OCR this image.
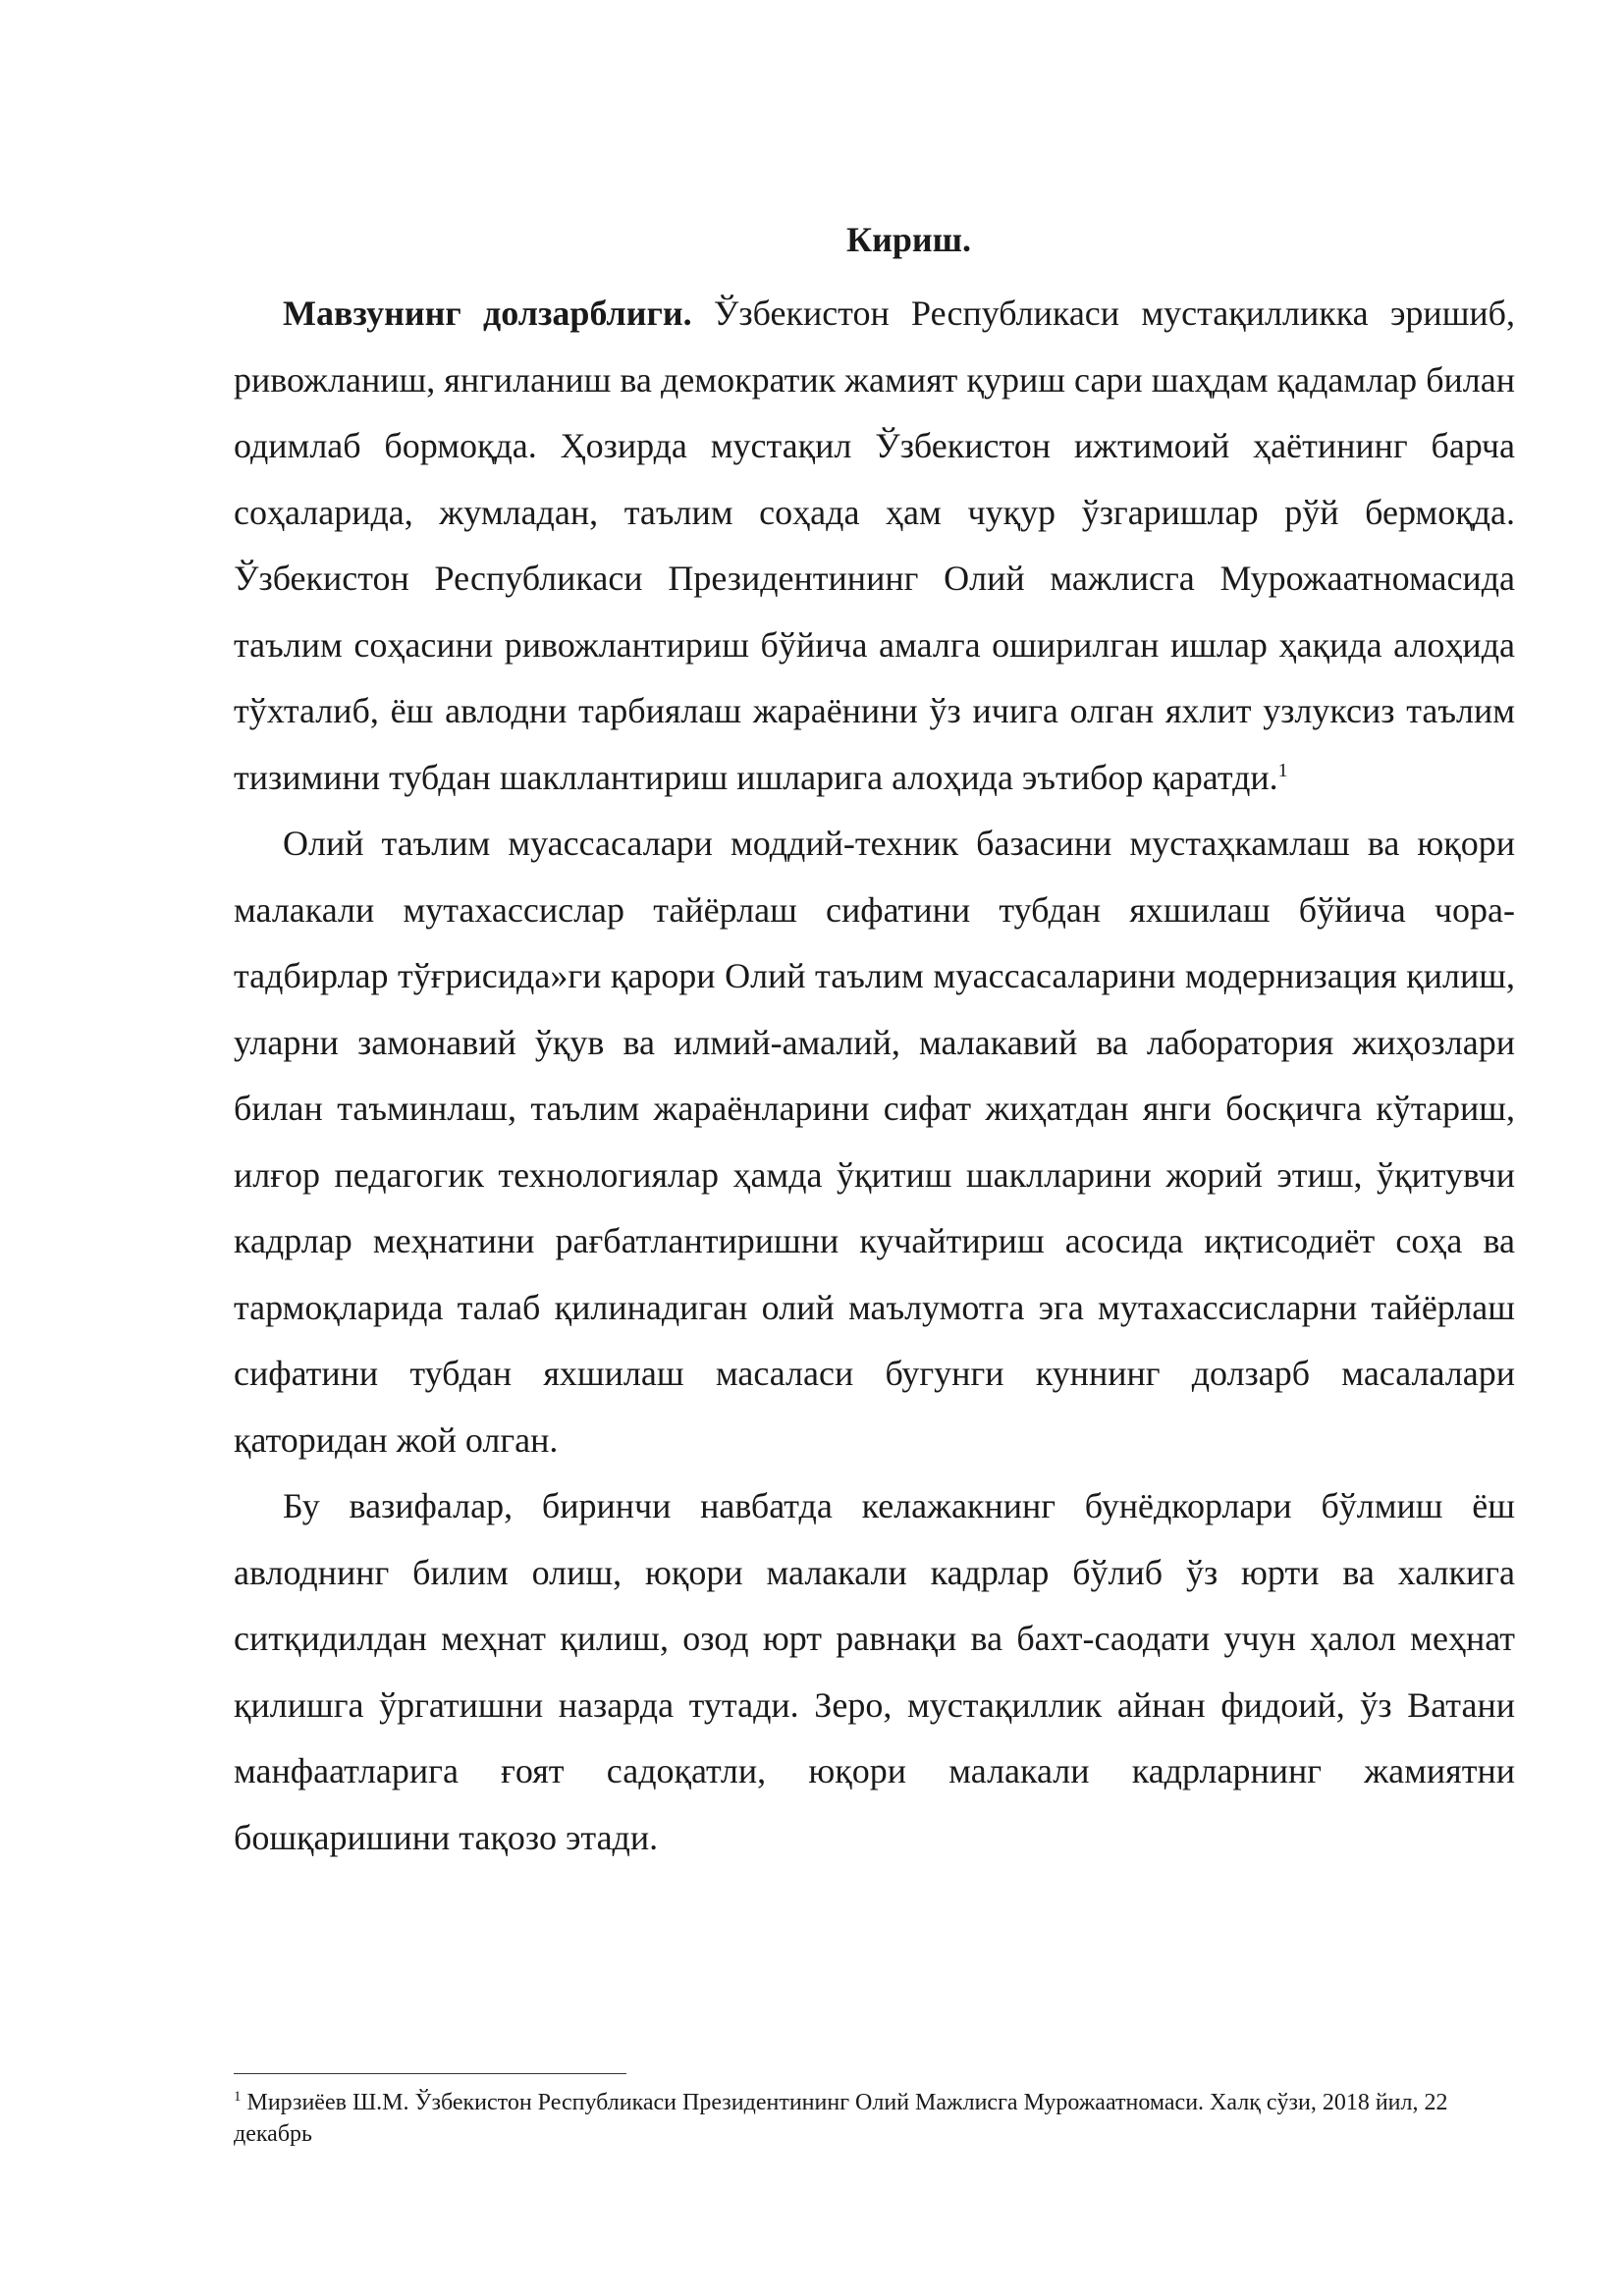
Кириш.

Мавзунинг долзарблиги. Ўзбекистон Республикаси мустақилликка эришиб, ривожланиш, янгиланиш ва демократик жамият қуриш сари шаҳдам қадамлар билан одимлаб бормоқда. Ҳозирда мустақил Ўзбекистон ижтимоий ҳаётининг барча соҳаларида, жумладан, таълим соҳада ҳам чуқур ўзгаришлар рўй бермоқда. Ўзбекистон Республикаси Президентининг Олий мажлисга Мурожаатномасида таълим соҳасини ривожлантириш бўйича амалга оширилган ишлар ҳақида алоҳида тўхталиб, ёш авлодни тарбиялаш жараёнини ўз ичига олган яхлит узлуксиз таълим тизимини тубдан шакллантириш ишларига алоҳида эътибор қаратди.$^1$

Олий таълим муассасалари моддий-техник базасини мустаҳкамлаш ва юқори малакали мутахассислар тайёрлаш сифатини тубдан яхшилаш бўйича чора-тадбирлар тўғрисида»ги қарори Олий таълим муассасаларини модернизация қилиш, уларни замонавий ўқув ва илмий-амалий, малакавий ва лаборатория жиҳозлари билан таъминлаш, таълим жараёнларини сифат жиҳатдан янги босқичга кўтариш, илғор педагогик технологиялар ҳамда ўқитиш шаклларини жорий этиш, ўқитувчи кадрлар меҳнатини рағбатлантиришни кучайтириш асосида иқтисодиёт соҳа ва тармоқларида талаб қилинадиган олий маълумотга эга мутахассисларни тайёрлаш сифатини тубдан яхшилаш масаласи бугунги куннинг долзарб масалалари қаторидан жой олган.

Бу вазифалар, биринчи навбатда келажакнинг бунёдкорлари бўлмиш ёш авлоднинг билим олиш, юқори малакали кадрлар бўлиб ўз юрти ва халкига ситқидилдан меҳнат қилиш, озод юрт равнақи ва бахт-саодати учун ҳалол меҳнат қилишга ўргатишни назарда тутади. Зеро, мустақиллик айнан фидоий, ўз Ватани манфаатларига ғоят садоқатли, юқори малакали кадрларнинг жамиятни бошқаришини тақозо этади.

$^1$ Мирзиёев Ш.М. Ўзбекистон Республикаси Президентининг Олий Мажлисга Мурожаатномаси. Халқ сўзи, 2018 йил, 22 декабрь
